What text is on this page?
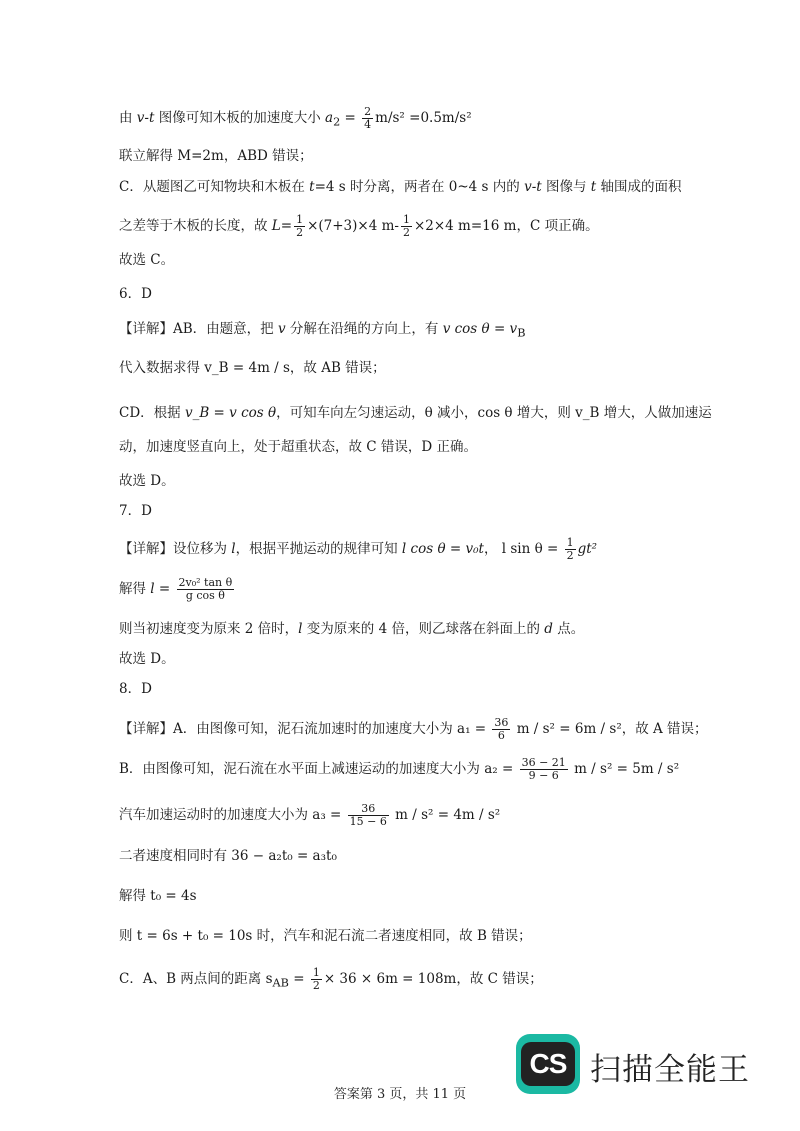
由 v-t 图像可知木板的加速度大小 $a_2 = \frac{2}{4} m/s^2 =0.5m/s^2$
联立解得 M=2m，ABD 错误；
C．从题图乙可知物块和木板在 t=4 s 时分离，两者在 0~4 s 内的 v-t 图像与 t 轴围成的面积
之差等于木板的长度，故 $L= \frac{1}{2} \times(7+3)\times 4$ $m- \frac{1}{2} \times 2\times 4$ m=16 m，C 项正确。
故选 C。
6．D
【详解】AB．由题意，把 v 分解在沿绳的方向上，有 v $\cos \theta = v_B$
代入数据求得 v_B = 4m / s，故 AB 错误；
CD．根据 v_B = v cos θ，可知车向左匀速运动，θ 减小，cos θ 增大，则 v_B 增大，人做加速运
动，加速度竖直向上，处于超重状态，故 C 错误，D 正确。
故选 D。
7．D
【详解】设位移为 l，根据平抛运动的规律可知 l cos θ = v₀t， l $\sin \theta = \frac{1}{2} gt^2$
解得 $l = \frac{\text{2v₀² tan θ}}{\text{g cos θ}}$
则当初速度变为原来 2 倍时，l 变为原来的 4 倍，则乙球落在斜面上的 d 点。
故选 D。
8．D
【详解】A．由图像可知，泥石流加速时的加速度大小为 $a_1 = \frac{36}{6}$ m / s² = 6m / s²，故 A 错误；
B．由图像可知，泥石流在水平面上减速运动的加速度大小为 $a_2 = \frac{36 - 21}{9 - 6}$ m / s² = 5m / s²
汽车加速运动时的加速度大小为 $a_3 = \frac{36}{15 - 6}$ m / s² = 4m / s²
二者速度相同时有 36 − a₂t₀ = a₃t₀
解得 t₀ = 4s
则 t = 6s + t₀ = 10s 时，汽车和泥石流二者速度相同，故 B 错误；
C．A、B 两点间的距离 $s_{AB} = \frac{1}{2} \times 36 \times 6m = 108m$，故 C 错误；
CS 扫描全能王
答案第 3 页，共 11 页
